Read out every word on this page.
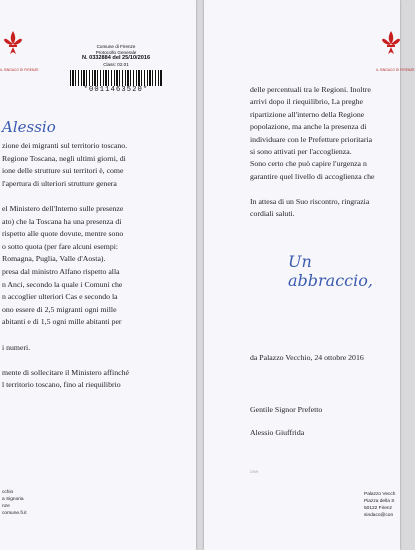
IL SINDACO DI FIRENZE
Comune di Firenze
Protocollo Generale
N. 0332884 del 25/10/2016
Class: 02.01
*0011463520*
Alessio
zione dei migranti sul territorio toscano.
Regione Toscana, negli ultimi giorni, di
ione delle strutture sui territori è, come
l'apertura di ulteriori strutture genera
el Ministero dell'Interno sulle presenze
ato) che la Toscana ha una presenza di
rispetto alle quote dovute, mentre sono
o sotto quota (per fare alcuni esempi:
Romagna, Puglia, Valle d'Aosta).
presa dal ministro Alfano rispetto alla
n Anci, secondo la quale i Comuni che
n accoglier ulteriori Cas e secondo la
ono essere di 2,5 migranti ogni mille
abitanti e di 1,5 ogni mille abitanti per
i numeri.
mente di sollecitare il Ministero affinché
l territorio toscano, fino al riequilibrio
cchio
a Signoria
nze
comune.fi.it
IL SINDACO DI FIRENZE
delle percentuali tra le Regioni. Inoltre
arrivi dopo il riequilibrio, La preghe
ripartizione all'interno della Regione
popolazione, ma anche la presenza di
individuare con le Prefetture prioritaria
si sono attivati per l'accoglienza.
Sono certo che può capire l'urgenza n
garantire quel livello di accoglienza che
In attesa di un Suo riscontro, ringrazia
cordiali saluti.
Un abbraccio,
da Palazzo Vecchio, 24 ottobre 2016
Gentile Signor Prefetto
Alessio Giuffrida
DN/ff
Palazzo Vecch
Piazza della S
50122 Firenz
sindaco@con
